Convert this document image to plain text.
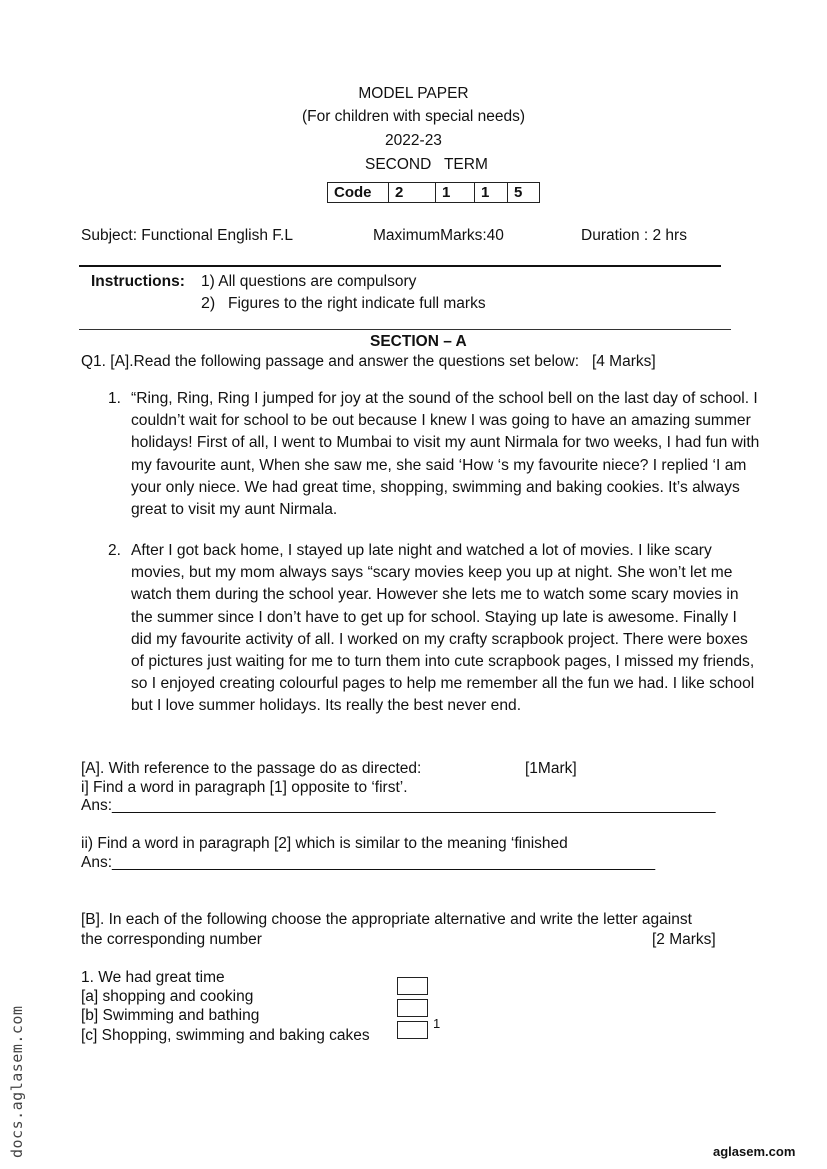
MODEL PAPER
(For children with special needs)
2022-23
SECOND   TERM
Code	2	1	1	5
Subject: Functional English F.L	MaximumMarks:40	Duration : 2 hrs
Instructions: 1) All questions are compulsory
2) Figures to the right indicate full marks
SECTION – A
Q1. [A].Read the following passage and answer the questions set below:   [4 Marks]
1. “Ring, Ring, Ring I jumped for joy at the sound of the school bell on the last day of school. I couldn’t wait for school to be out because I knew I was going to have an amazing summer holidays! First of all, I went to Mumbai to visit my aunt Nirmala for two weeks, I had fun with my favourite aunt, When she saw me, she said ‘How ‘s my favourite niece? I replied ‘I am your only niece. We had great time, shopping, swimming and baking cookies. It’s always great to visit my aunt Nirmala.
2. After I got back home, I stayed up late night and watched a lot of movies. I like scary movies, but my mom always says “scary movies keep you up at night. She won’t let me watch them during the school year. However she lets me to watch some scary movies in the summer since I don’t have to get up for school. Staying up late is awesome. Finally I did my favourite activity of all. I worked on my crafty scrapbook project. There were boxes of pictures just waiting for me to turn them into cute scrapbook pages, I missed my friends, so I enjoyed creating colourful pages to help me remember all the fun we had. I like school but I love summer holidays. Its really the best never end.
[A]. With reference to the passage do as directed:	[1Mark]
i] Find a word in paragraph [1] opposite to ‘first’.
Ans:______________________________________________________________________
ii) Find a word in paragraph [2] which is similar to the meaning ‘finished
Ans:_______________________________________________________________
[B]. In each of the following choose the appropriate alternative and write the letter against
the corresponding number	[2 Marks]
1. We had great time
[a] shopping and cooking
[b] Swimming and bathing
[c] Shopping, swimming and baking cakes
1
docs.aglasem.com	aglasem.com
